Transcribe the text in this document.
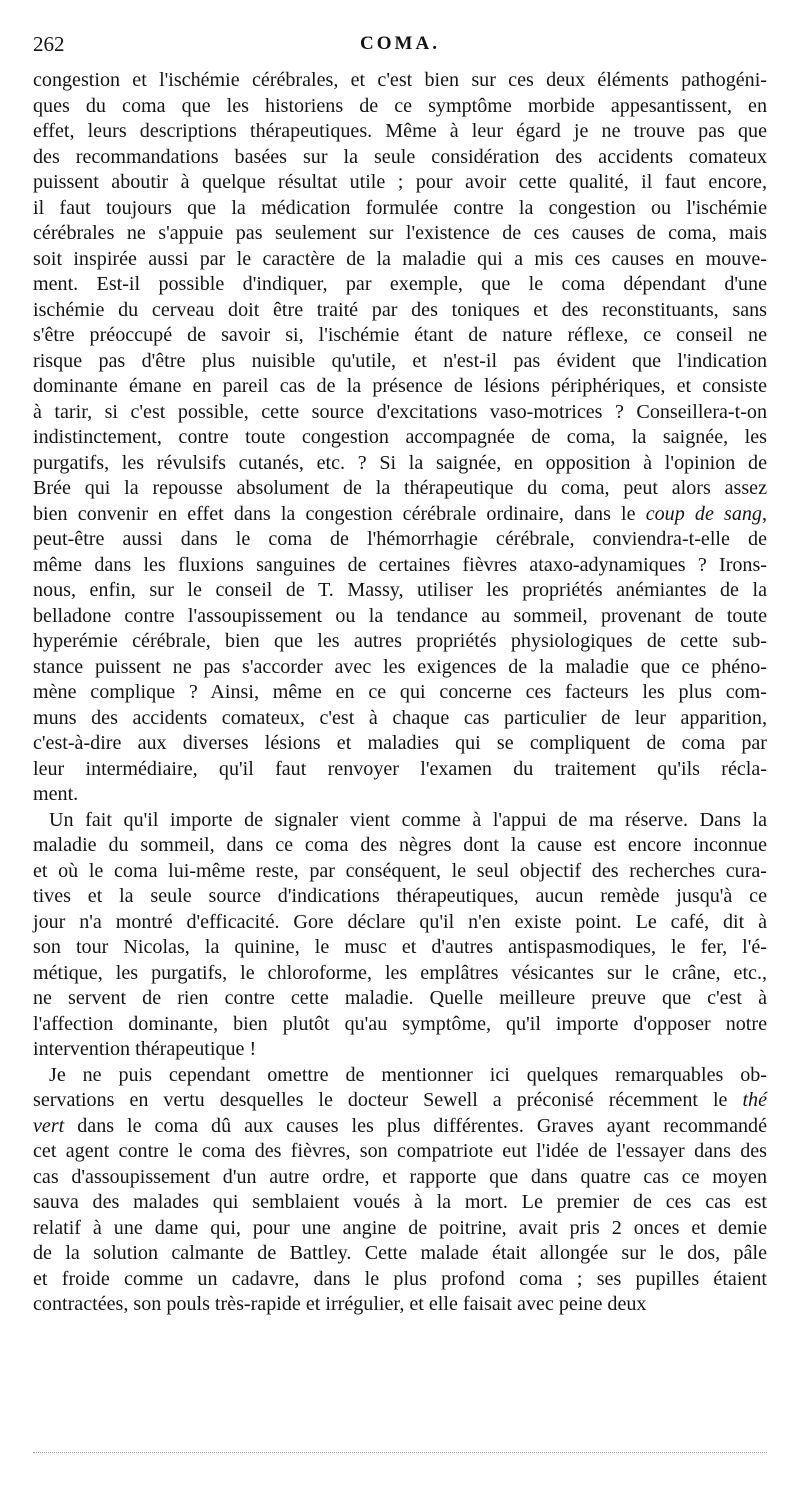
262	COMA.

congestion et l'ischémie cérébrales, et c'est bien sur ces deux éléments pathogéni-
ques du coma que les historiens de ce symptôme morbide appesantissent, en
effet, leurs descriptions thérapeutiques. Même à leur égard je ne trouve pas que
des recommandations basées sur la seule considération des accidents comateux
puissent aboutir à quelque résultat utile ; pour avoir cette qualité, il faut encore,
il faut toujours que la médication formulée contre la congestion ou l'ischémie
cérébrales ne s'appuie pas seulement sur l'existence de ces causes de coma, mais
soit inspirée aussi par le caractère de la maladie qui a mis ces causes en mouve-
ment. Est-il possible d'indiquer, par exemple, que le coma dépendant d'une
ischémie du cerveau doit être traité par des toniques et des reconstituants, sans
s'être préoccupé de savoir si, l'ischémie étant de nature réflexe, ce conseil ne
risque pas d'être plus nuisible qu'utile, et n'est-il pas évident que l'indication
dominante émane en pareil cas de la présence de lésions périphériques, et consiste
à tarir, si c'est possible, cette source d'excitations vaso-motrices ? Conseillera-t-on
indistinctement, contre toute congestion accompagnée de coma, la saignée, les
purgatifs, les révulsifs cutanés, etc. ? Si la saignée, en opposition à l'opinion de
Brée qui la repousse absolument de la thérapeutique du coma, peut alors assez
bien convenir en effet dans la congestion cérébrale ordinaire, dans le coup de sang,
peut-être aussi dans le coma de l'hémorrhagie cérébrale, conviendra-t-elle de
même dans les fluxions sanguines de certaines fièvres ataxo-adynamiques ? Irons-
nous, enfin, sur le conseil de T. Massy, utiliser les propriétés anémiantes de la
belladone contre l'assoupissement ou la tendance au sommeil, provenant de toute
hyperémie cérébrale, bien que les autres propriétés physiologiques de cette sub-
stance puissent ne pas s'accorder avec les exigences de la maladie que ce phéno-
mène complique ? Ainsi, même en ce qui concerne ces facteurs les plus com-
muns des accidents comateux, c'est à chaque cas particulier de leur apparition,
c'est-à-dire aux diverses lésions et maladies qui se compliquent de coma par
leur intermédiaire, qu'il faut renvoyer l'examen du traitement qu'ils récla-
ment.

Un fait qu'il importe de signaler vient comme à l'appui de ma réserve. Dans la
maladie du sommeil, dans ce coma des nègres dont la cause est encore inconnue
et où le coma lui-même reste, par conséquent, le seul objectif des recherches cura-
tives et la seule source d'indications thérapeutiques, aucun remède jusqu'à ce
jour n'a montré d'efficacité. Gore déclare qu'il n'en existe point. Le café, dit à
son tour Nicolas, la quinine, le musc et d'autres antispasmodiques, le fer, l'é-
métique, les purgatifs, le chloroforme, les emplâtres vésicantes sur le crâne, etc.,
ne servent de rien contre cette maladie. Quelle meilleure preuve que c'est à
l'affection dominante, bien plutôt qu'au symptôme, qu'il importe d'opposer notre
intervention thérapeutique !

Je ne puis cependant omettre de mentionner ici quelques remarquables ob-
servations en vertu desquelles le docteur Sewell a préconisé récemment le thé
vert dans le coma dû aux causes les plus différentes. Graves ayant recommandé
cet agent contre le coma des fièvres, son compatriote eut l'idée de l'essayer dans des
cas d'assoupissement d'un autre ordre, et rapporte que dans quatre cas ce moyen
sauva des malades qui semblaient voués à la mort. Le premier de ces cas est
relatif à une dame qui, pour une angine de poitrine, avait pris 2 onces et demie
de la solution calmante de Battley. Cette malade était allongée sur le dos, pâle
et froide comme un cadavre, dans le plus profond coma ; ses pupilles étaient
contractées, son pouls très-rapide et irrégulier, et elle faisait avec peine deux
